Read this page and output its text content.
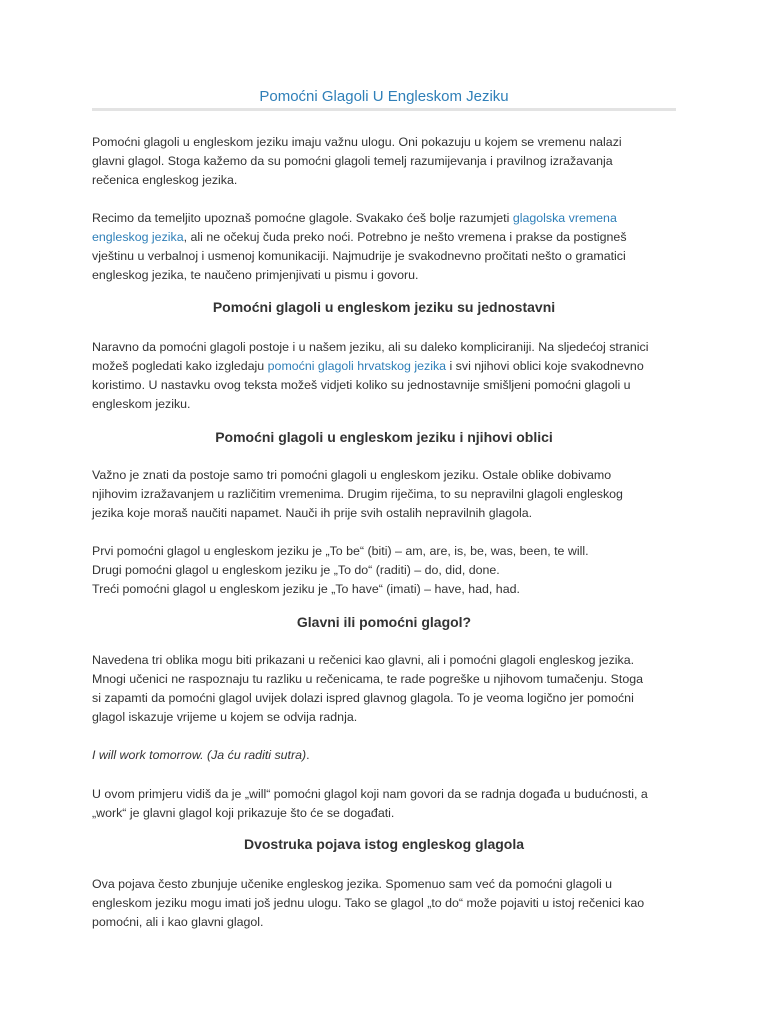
Pomoćni Glagoli U Engleskom Jeziku
Pomoćni glagoli u engleskom jeziku imaju važnu ulogu. Oni pokazuju u kojem se vremenu nalazi
glavni glagol. Stoga kažemo da su pomoćni glagoli temelj razumijevanja i pravilnog izražavanja
rečenica engleskog jezika.
Recimo da temeljito upoznaš pomoćne glagole. Svakako ćeš bolje razumjeti glagolska vremena
engleskog jezika, ali ne očekuj čuda preko noći. Potrebno je nešto vremena i prakse da postigneš
vještinu u verbalnoj i usmenoj komunikaciji. Najmudrije je svakodnevno pročitati nešto o gramatici
engleskog jezika, te naučeno primjenjivati u pismu i govoru.
Pomoćni glagoli u engleskom jeziku su jednostavni
Naravno da pomoćni glagoli postoje i u našem jeziku, ali su daleko komplicirаniji. Na sljedećoj stranici
možeš pogledati kako izgledaju pomoćni glagoli hrvatskog jezika i svi njihovi oblici koje svakodnevno
koristimo. U nastavku ovog teksta možeš vidjeti koliko su jednostavnije smišljeni pomoćni glagoli u
engleskom jeziku.
Pomoćni glagoli u engleskom jeziku i njihovi oblici
Važno je znati da postoje samo tri pomoćni glagoli u engleskom jeziku. Ostale oblike dobivamo
njihovim izražavanjem u različitim vremenima. Drugim riječima, to su nepravilni glagoli engleskog
jezika koje moraš naučiti napamet. Nauči ih prije svih ostalih nepravilnih glagola.
Prvi pomoćni glagol u engleskom jeziku je „To be“ (biti) – am, are, is, be, was, been, te will.
Drugi pomoćni glagol u engleskom jeziku je „To do“ (raditi) – do, did, done.
Treći pomoćni glagol u engleskom jeziku je „To have“ (imati) – have, had, had.
Glavni ili pomoćni glagol?
Navedena tri oblika mogu biti prikazani u rečenici kao glavni, ali i pomoćni glagoli engleskog jezika.
Mnogi učenici ne raspoznaju tu razliku u rečenicama, te rade pogreške u njihovom tumačenju. Stoga
si zapamti da pomoćni glagol uvijek dolazi ispred glavnog glagola. To je veoma logično jer pomoćni
glagol iskazuje vrijeme u kojem se odvija radnja.
I will work tomorrow. (Ja ću raditi sutra).
U ovom primjeru vidiš da je „will“ pomoćni glagol koji nam govori da se radnja događa u budućnosti, a
„work“ je glavni glagol koji prikazuje što će se događati.
Dvostruka pojava istog engleskog glagola
Ova pojava često zbunjuje učenike engleskog jezika. Spomenuo sam već da pomoćni glagoli u
engleskom jeziku mogu imati još jednu ulogu. Tako se glagol „to do“ može pojaviti u istoj rečenici kao
pomoćni, ali i kao glavni glagol.
